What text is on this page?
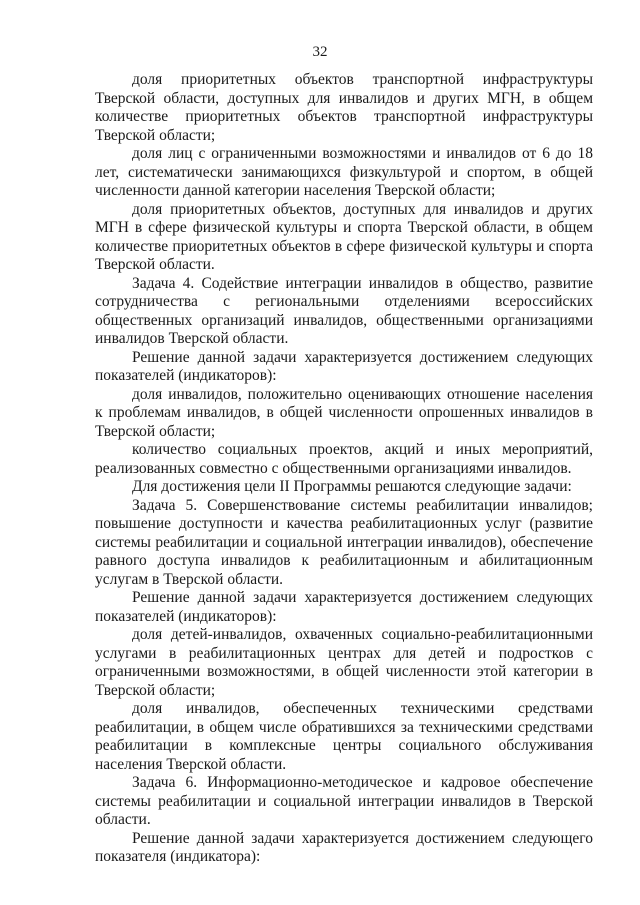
32

доля приоритетных объектов транспортной инфраструктуры Тверской области, доступных для инвалидов и других МГН, в общем количестве приоритетных объектов транспортной инфраструктуры Тверской области;

доля лиц с ограниченными возможностями и инвалидов от 6 до 18 лет, систематически занимающихся физкультурой и спортом, в общей численности данной категории населения Тверской области;

доля приоритетных объектов, доступных для инвалидов и других МГН в сфере физической культуры и спорта Тверской области, в общем количестве приоритетных объектов в сфере физической культуры и спорта Тверской области.

Задача 4. Содействие интеграции инвалидов в общество, развитие сотрудничества с региональными отделениями всероссийских общественных организаций инвалидов, общественными организациями инвалидов Тверской области.

Решение данной задачи характеризуется достижением следующих показателей (индикаторов):

доля инвалидов, положительно оценивающих отношение населения к проблемам инвалидов, в общей численности опрошенных инвалидов в Тверской области;

количество социальных проектов, акций и иных мероприятий, реализованных совместно с общественными организациями инвалидов.

Для достижения цели II Программы решаются следующие задачи:

Задача 5. Совершенствование системы реабилитации инвалидов; повышение доступности и качества реабилитационных услуг (развитие системы реабилитации и социальной интеграции инвалидов), обеспечение равного доступа инвалидов к реабилитационным и абилитационным услугам в Тверской области.

Решение данной задачи характеризуется достижением следующих показателей (индикаторов):

доля детей-инвалидов, охваченных социально-реабилитационными услугами в реабилитационных центрах для детей и подростков с ограниченными возможностями, в общей численности этой категории в Тверской области;

доля инвалидов, обеспеченных техническими средствами реабилитации, в общем числе обратившихся за техническими средствами реабилитации в комплексные центры социального обслуживания населения Тверской области.

Задача 6. Информационно-методическое и кадровое обеспечение системы реабилитации и социальной интеграции инвалидов в Тверской области.

Решение данной задачи характеризуется достижением следующего показателя (индикатора):
